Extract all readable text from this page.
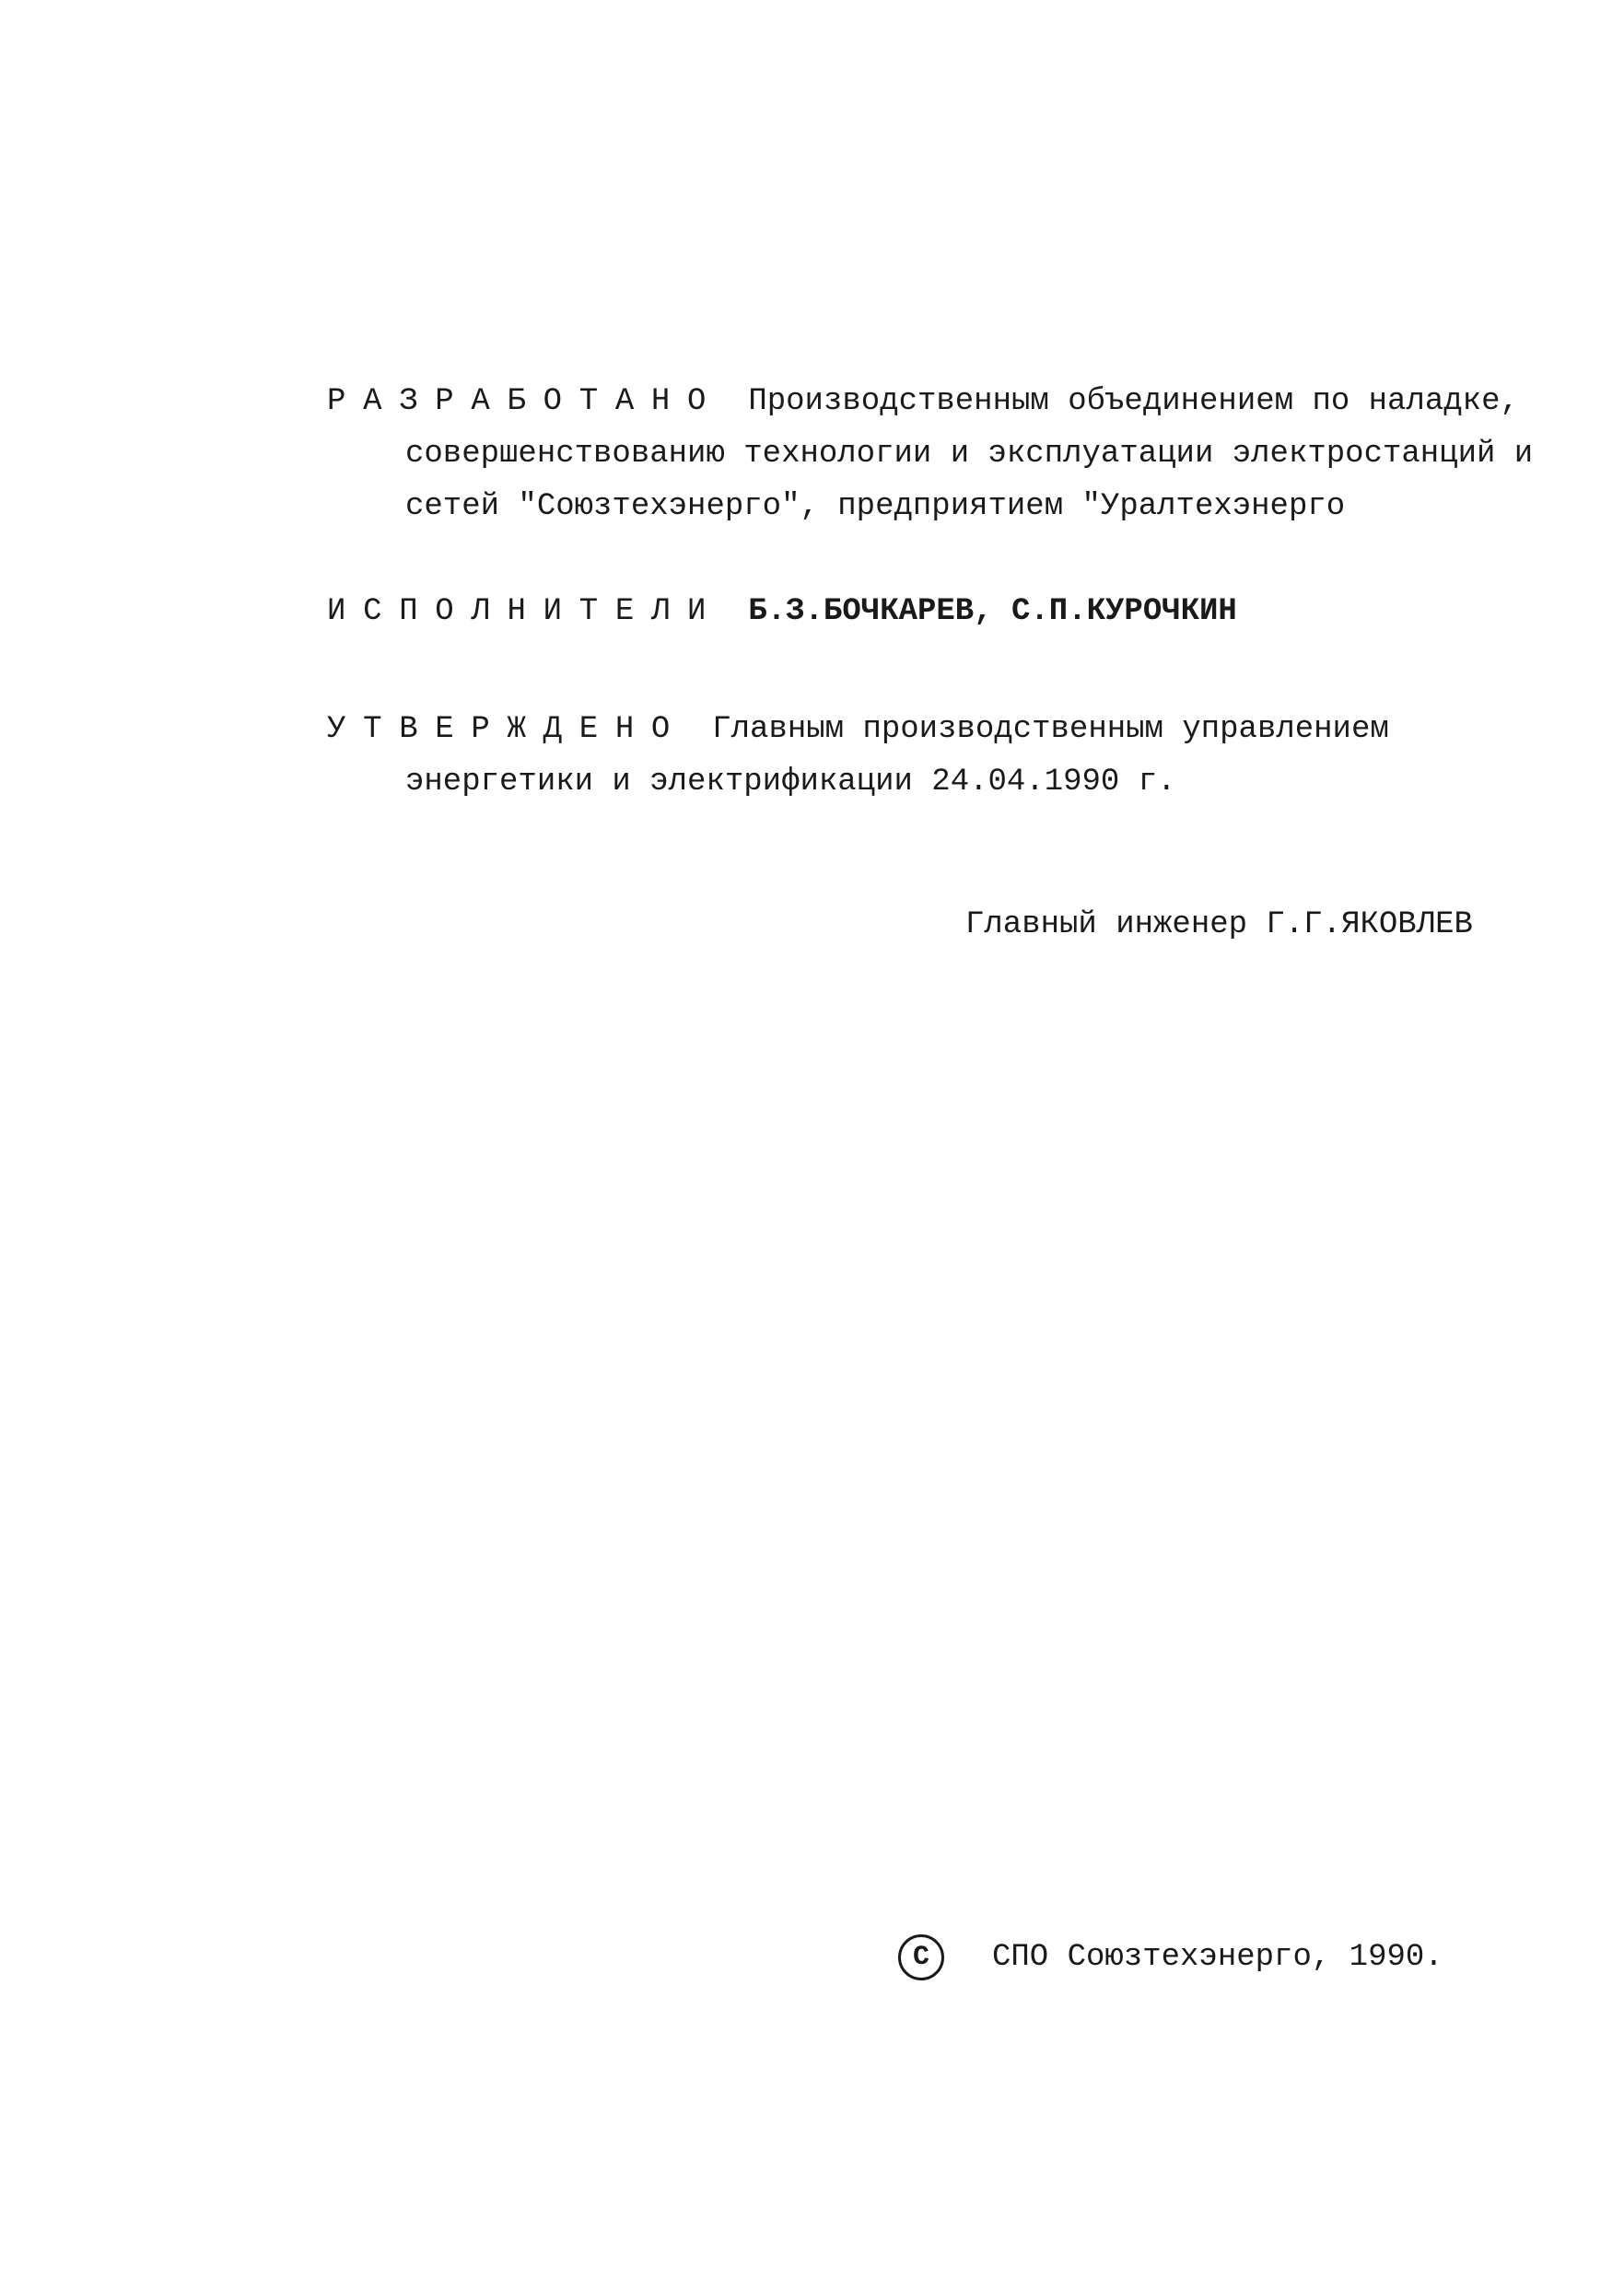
РАЗРАБОТАНО Производственным объединением по наладке,
совершенствованию технологии и эксплуатации электростанций и
сетей "Союзтехэнерго", предприятием "Уралтехэнерго
ИСПОЛНИТЕЛИ Б.З.БОЧКАРЕВ, С.П.КУРОЧКИН
УТВЕРЖДЕНО Главным производственным управлением
энергетики и электрификации 24.04.1990 г.
Главный инженер Г.Г.ЯКОВЛЕВ
С	СПО Союзтехэнерго, 1990.
